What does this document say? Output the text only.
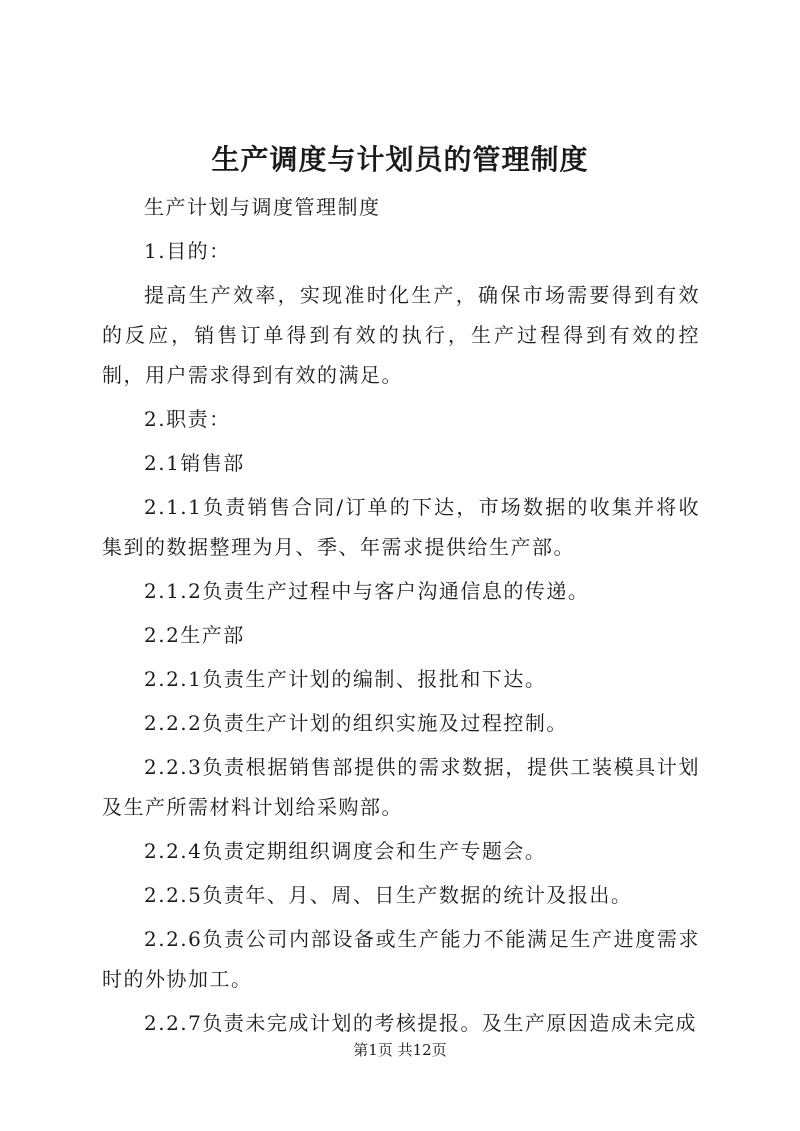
生产调度与计划员的管理制度

生产计划与调度管理制度

1.目的：

提高生产效率，实现准时化生产，确保市场需要得到有效的反应，销售订单得到有效的执行，生产过程得到有效的控制，用户需求得到有效的满足。

2.职责：

2.1销售部

2.1.1负责销售合同/订单的下达，市场数据的收集并将收集到的数据整理为月、季、年需求提供给生产部。

2.1.2负责生产过程中与客户沟通信息的传递。

2.2生产部

2.2.1负责生产计划的编制、报批和下达。

2.2.2负责生产计划的组织实施及过程控制。

2.2.3负责根据销售部提供的需求数据，提供工装模具计划及生产所需材料计划给采购部。

2.2.4负责定期组织调度会和生产专题会。

2.2.5负责年、月、周、日生产数据的统计及报出。

2.2.6负责公司内部设备或生产能力不能满足生产进度需求时的外协加工。

2.2.7负责未完成计划的考核提报。及生产原因造成未完成

第1页 共12页
